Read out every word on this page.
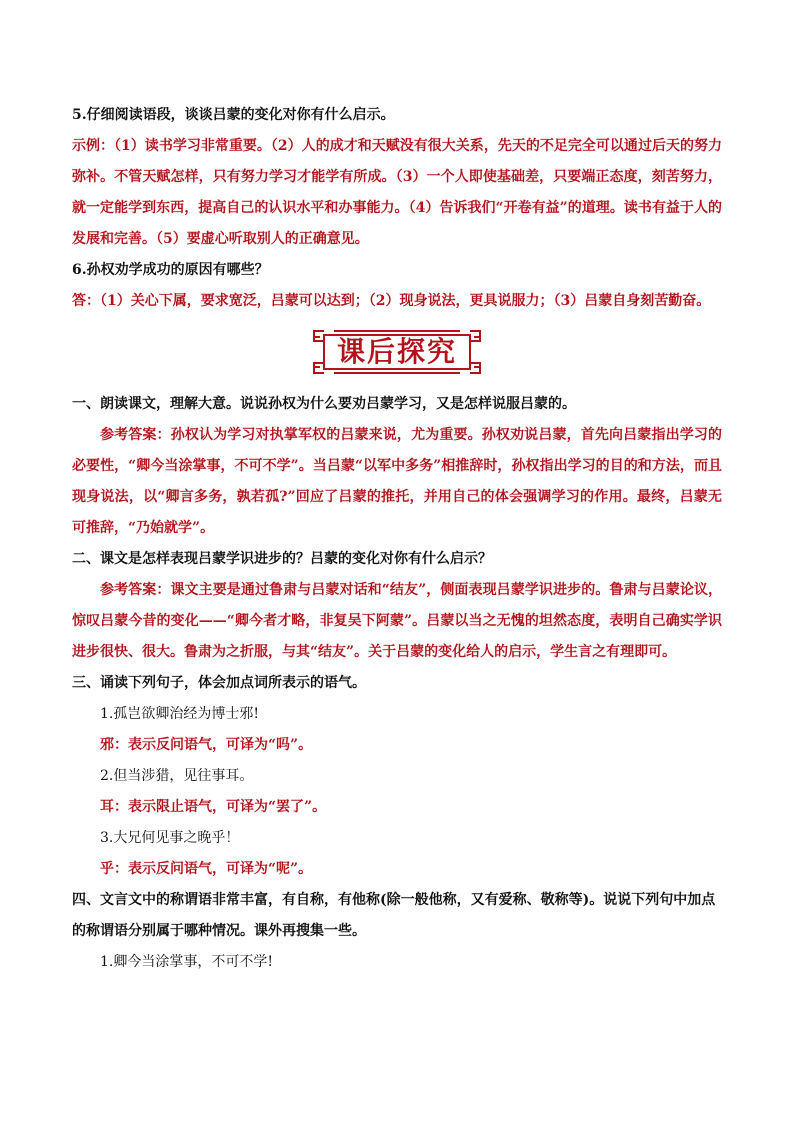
5.仔细阅读语段，谈谈吕蒙的变化对你有什么启示。

示例：（1）读书学习非常重要。（2）人的成才和天赋没有很大关系，先天的不足完全可以通过后天的努力弥补。不管天赋怎样，只有努力学习才能学有所成。（3）一个人即使基础差，只要端正态度，刻苦努力，就一定能学到东西，提高自己的认识水平和办事能力。（4）告诉我们“开卷有益”的道理。读书有益于人的发展和完善。（5）要虚心听取别人的正确意见。

6.孙权劝学成功的原因有哪些？

答：（1）关心下属，要求宽泛，吕蒙可以达到；（2）现身说法，更具说服力；（3）吕蒙自身刻苦勤奋。

课后探究

一、朗读课文，理解大意。说说孙权为什么要劝吕蒙学习，又是怎样说服吕蒙的。

参考答案：孙权认为学习对执掌军权的吕蒙来说，尤为重要。孙权劝说吕蒙，首先向吕蒙指出学习的必要性，“卿今当涂掌事，不可不学”。当吕蒙“以军中多务”相推辞时，孙权指出学习的目的和方法，而且现身说法，以“卿言多务，孰若孤?”回应了吕蒙的推托，并用自己的体会强调学习的作用。最终，吕蒙无可推辞，“乃始就学”。

二、课文是怎样表现吕蒙学识进步的？吕蒙的变化对你有什么启示？

参考答案：课文主要是通过鲁肃与吕蒙对话和“结友”，侧面表现吕蒙学识进步的。鲁肃与吕蒙论议，惊叹吕蒙今昔的变化——“卿今者才略，非复吴下阿蒙”。吕蒙以当之无愧的坦然态度，表明自己确实学识进步很快、很大。鲁肃为之折服，与其“结友”。关于吕蒙的变化给人的启示，学生言之有理即可。

三、诵读下列句子，体会加点词所表示的语气。

1.孤岂欲卿治经为博士邪!

邪：表示反问语气，可译为“吗”。

2.但当涉猎，见往事耳。

耳：表示限止语气，可译为“罢了”。

3.大兄何见事之晚乎！

乎：表示反问语气，可译为“呢”。

四、文言文中的称谓语非常丰富，有自称，有他称(除一般他称，又有爱称、敬称等)。说说下列句中加点的称谓语分别属于哪种情况。课外再搜集一些。

1.卿今当涂掌事，不可不学!
